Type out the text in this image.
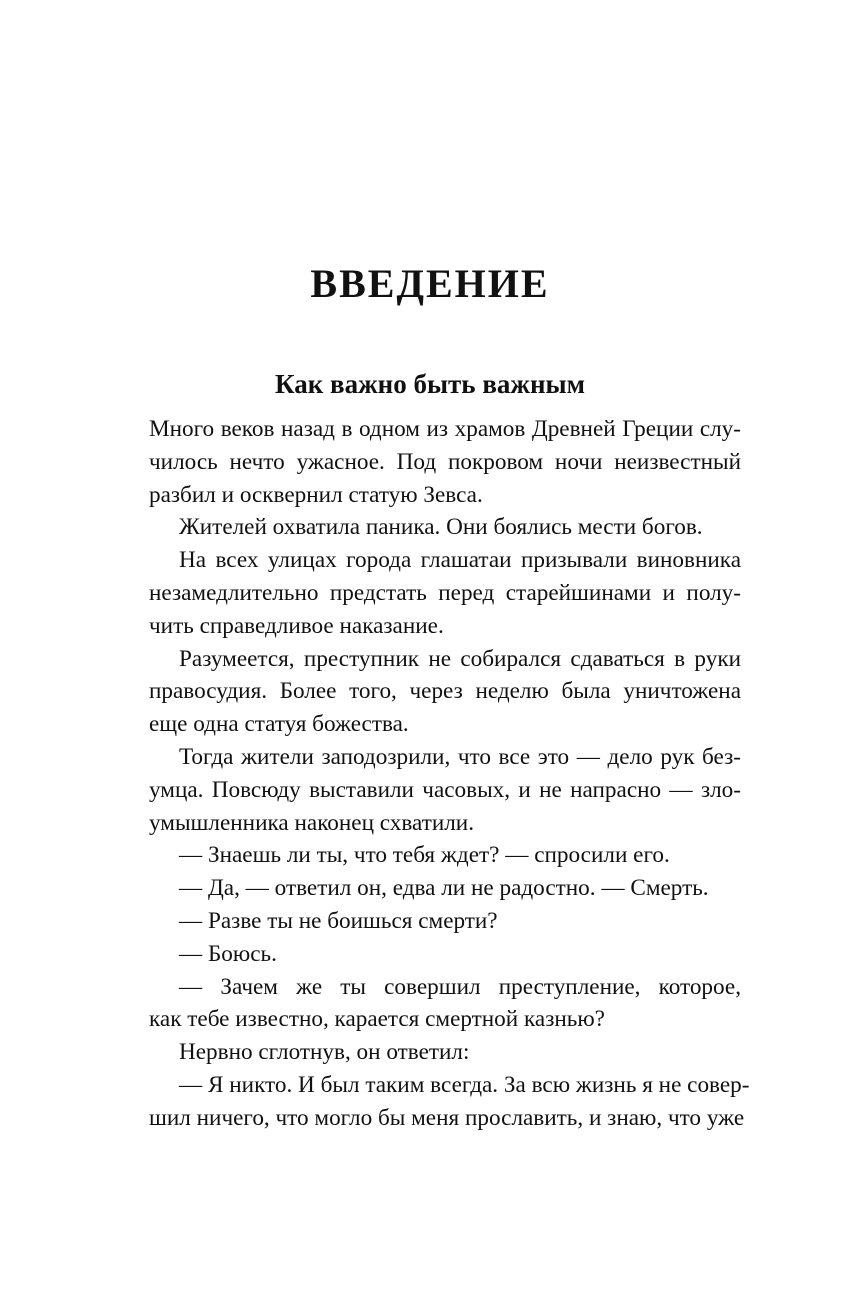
ВВЕДЕНИЕ
Как важно быть важным
Много веков назад в одном из храмов Древней Греции слу-
чилось нечто ужасное. Под покровом ночи неизвестный
разбил и осквернил статую Зевса.
Жителей охватила паника. Они боялись мести богов.
На всех улицах города глашатаи призывали виновника
незамедлительно предстать перед старейшинами и полу-
чить справедливое наказание.
Разумеется, преступник не собирался сдаваться в руки
правосудия. Более того, через неделю была уничтожена
еще одна статуя божества.
Тогда жители заподозрили, что все это — дело рук без-
умца. Повсюду выставили часовых, и не напрасно — зло-
умышленника наконец схватили.
— Знаешь ли ты, что тебя ждет? — спросили его.
— Да, — ответил он, едва ли не радостно. — Смерть.
— Разве ты не боишься смерти?
— Боюсь.
— Зачем же ты совершил преступление, которое,
как тебе известно, карается смертной казнью?
Нервно сглотнув, он ответил:
— Я никто. И был таким всегда. За всю жизнь я не совер-
шил ничего, что могло бы меня прославить, и знаю, что уже
